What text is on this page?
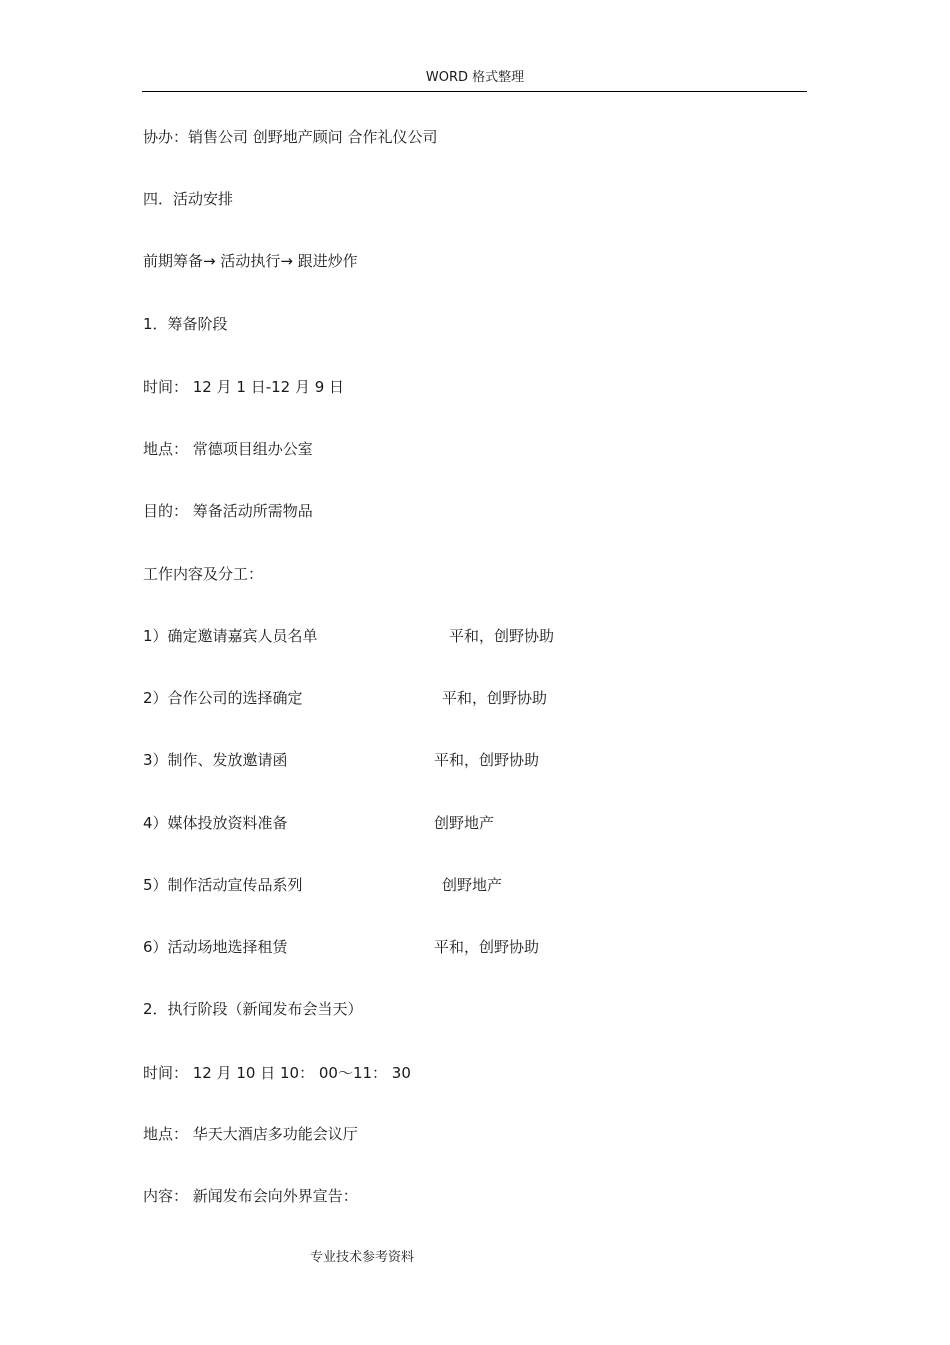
WORD 格式整理
协办：销售公司 创野地产顾问 合作礼仪公司
四．活动安排
前期筹备→ 活动执行→ 跟进炒作
1．筹备阶段
时间： 12 月 1 日-12 月 9 日
地点： 常德项目组办公室
目的： 筹备活动所需物品
工作内容及分工：
1）确定邀请嘉宾人员名单	平和，创野协助
2）合作公司的选择确定	平和，创野协助
3）制作、发放邀请函	平和，创野协助
4）媒体投放资料准备	创野地产
5）制作活动宣传品系列	创野地产
6）活动场地选择租赁	平和，创野协助
2．执行阶段（新闻发布会当天）
时间： 12 月 10 日 10： 00～11： 30
地点： 华天大酒店多功能会议厅
内容： 新闻发布会向外界宣告：
专业技术参考资料
